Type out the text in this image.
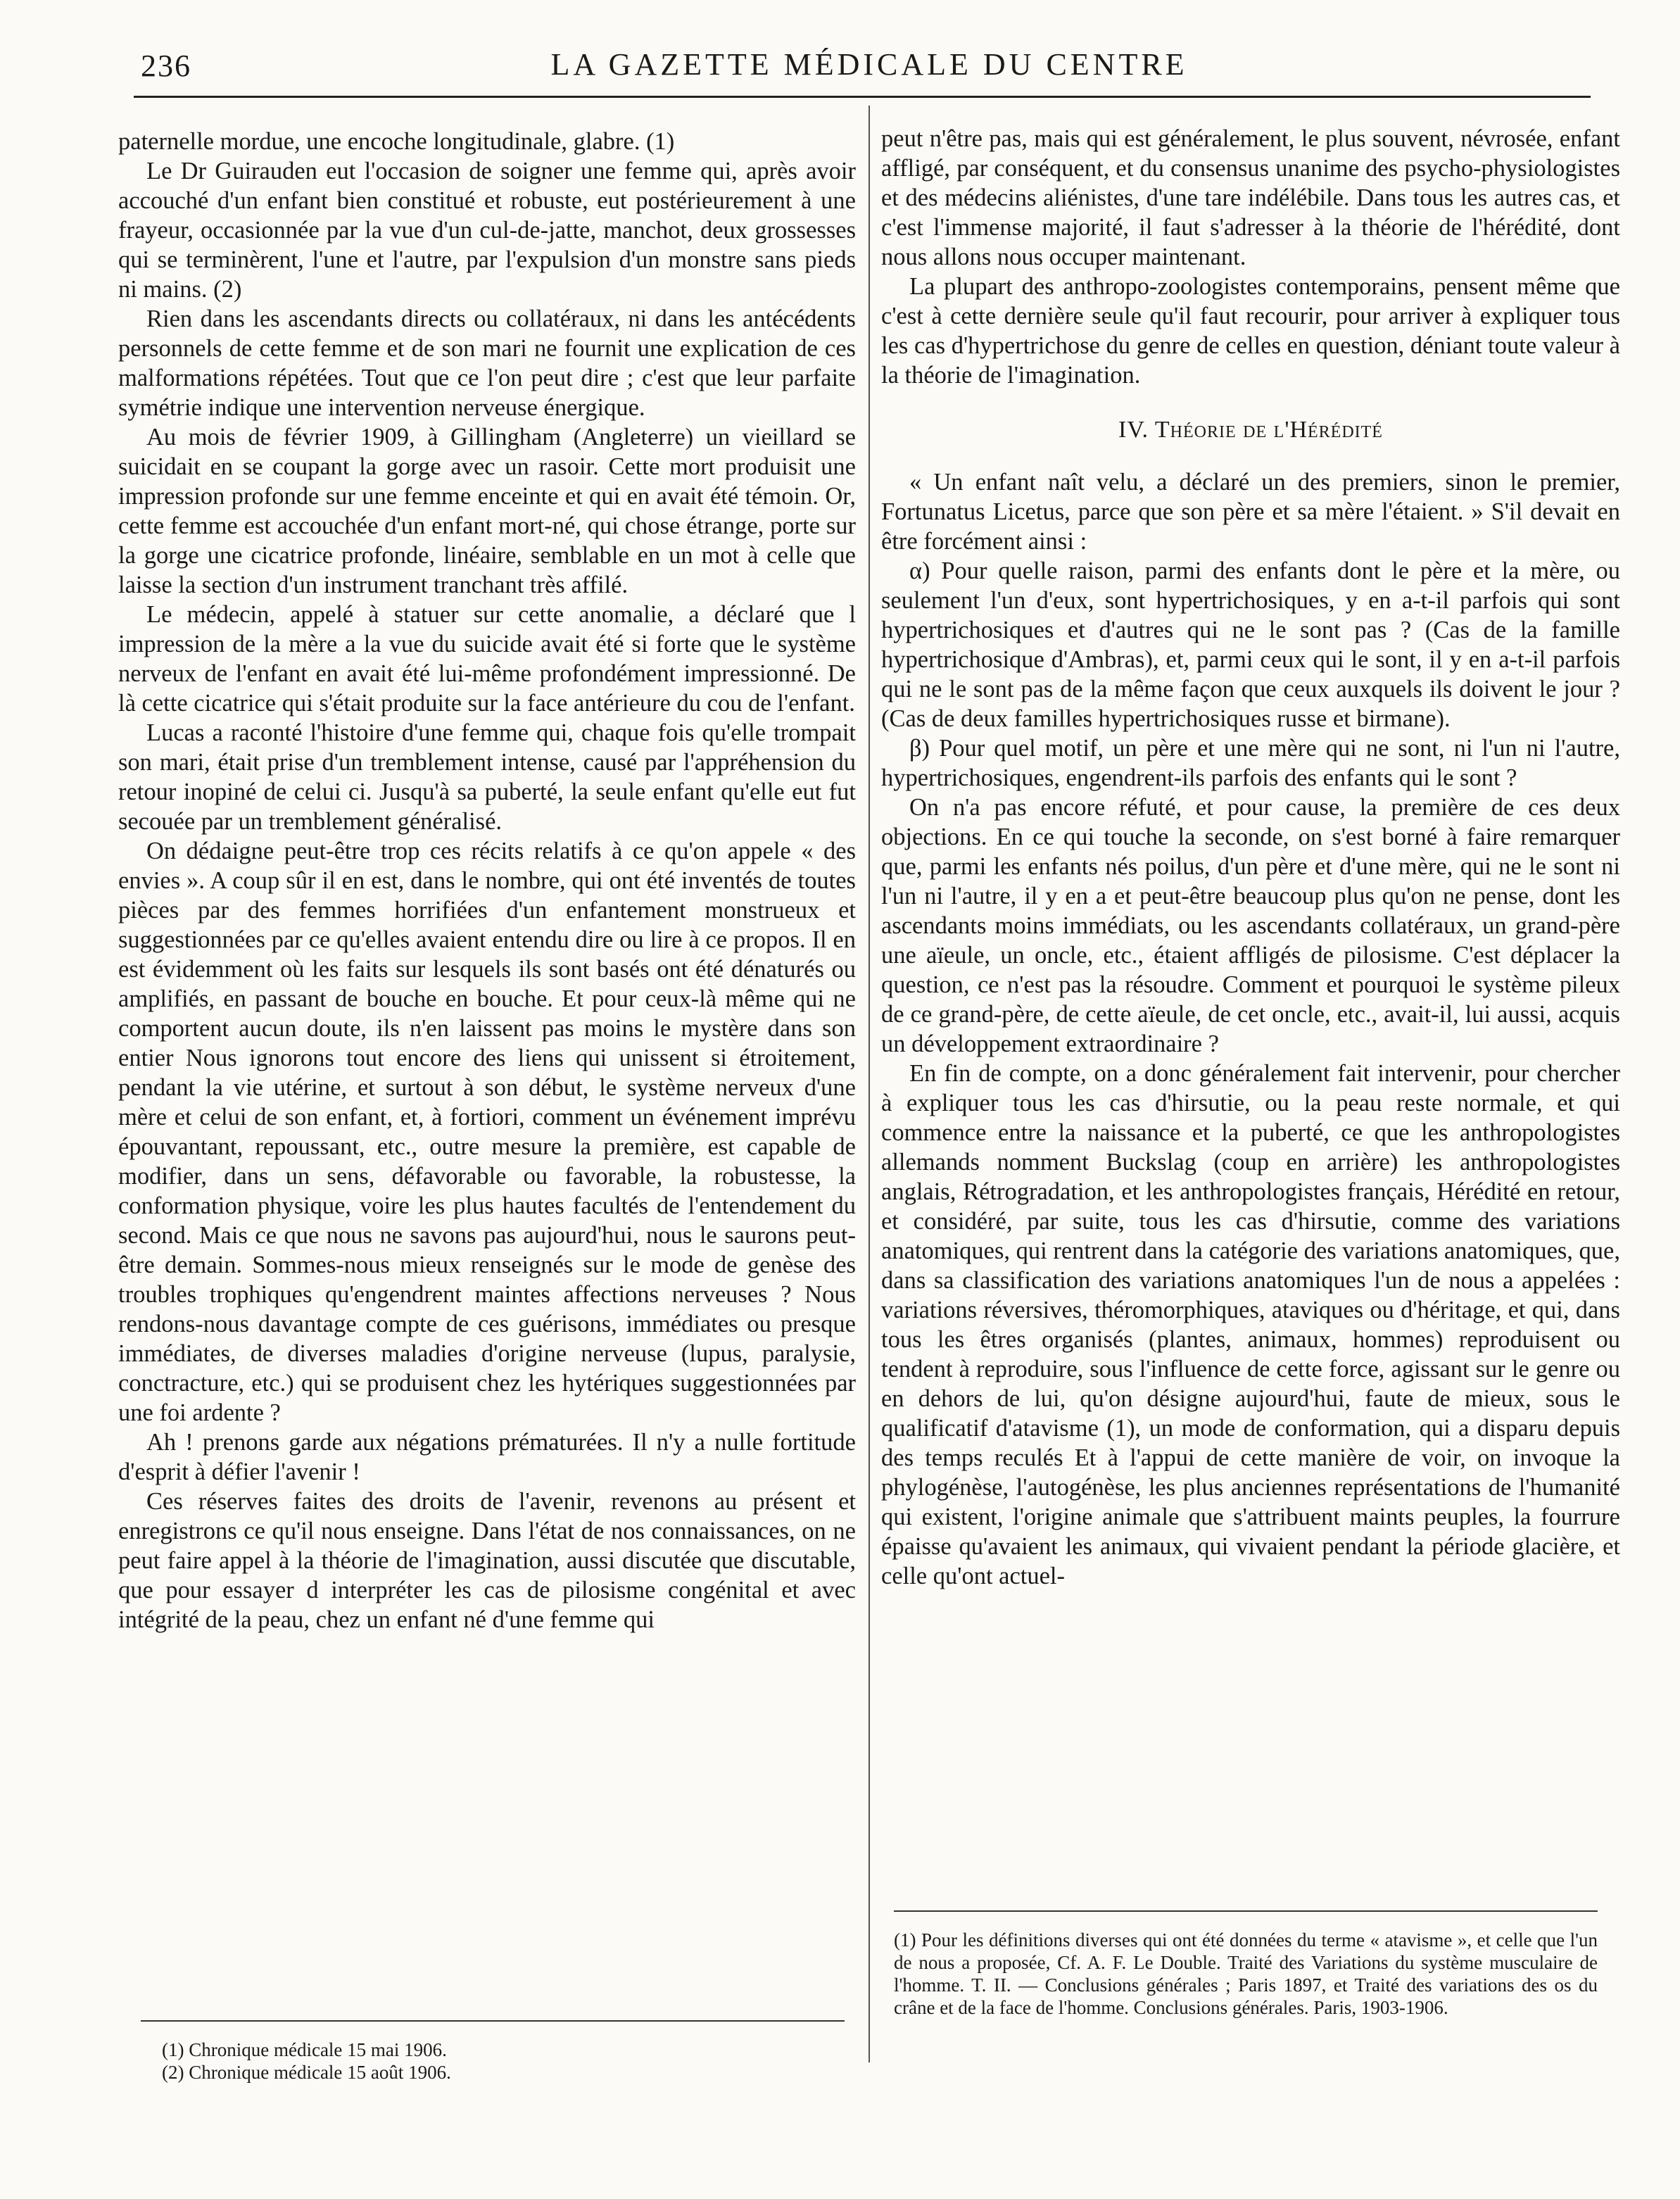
236	LA GAZETTE MÉDICALE DU CENTRE

paternelle mordue, une encoche longitudinale, glabre. (1)

Le Dr Guirauden eut l'occasion de soigner une femme qui, après avoir accouché d'un enfant bien constitué et robuste, eut postérieurement à une frayeur, occasionnée par la vue d'un cul-de-jatte, manchot, deux grossesses qui se terminèrent, l'une et l'autre, par l'expulsion d'un monstre sans pieds ni mains. (2)

Rien dans les ascendants directs ou collatéraux, ni dans les antécédents personnels de cette femme et de son mari ne fournit une explication de ces malformations répétées. Tout que ce l'on peut dire ; c'est que leur parfaite symétrie indique une intervention nerveuse énergique.

Au mois de février 1909, à Gillingham (Angleterre) un vieillard se suicidait en se coupant la gorge avec un rasoir. Cette mort produisit une impression profonde sur une femme enceinte et qui en avait été témoin. Or, cette femme est accouchée d'un enfant mort-né, qui chose étrange, porte sur la gorge une cicatrice profonde, linéaire, semblable en un mot à celle que laisse la section d'un instrument tranchant très affilé.

Le médecin, appelé à statuer sur cette anomalie, a déclaré que l impression de la mère a la vue du suicide avait été si forte que le système nerveux de l'enfant en avait été lui-même profondément impressionné. De là cette cicatrice qui s'était produite sur la face antérieure du cou de l'enfant.

Lucas a raconté l'histoire d'une femme qui, chaque fois qu'elle trompait son mari, était prise d'un tremblement intense, causé par l'appréhension du retour inopiné de celui ci. Jusqu'à sa puberté, la seule enfant qu'elle eut fut secouée par un tremblement généralisé.

On dédaigne peut-être trop ces récits relatifs à ce qu'on appele « des envies ». A coup sûr il en est, dans le nombre, qui ont été inventés de toutes pièces par des femmes horrifiées d'un enfantement monstrueux et suggestionnées par ce qu'elles avaient entendu dire ou lire à ce propos. Il en est évidemment où les faits sur lesquels ils sont basés ont été dénaturés ou amplifiés, en passant de bouche en bouche. Et pour ceux-là même qui ne comportent aucun doute, ils n'en laissent pas moins le mystère dans son entier Nous ignorons tout encore des liens qui unissent si étroitement, pendant la vie utérine, et surtout à son début, le système nerveux d'une mère et celui de son enfant, et, à fortiori, comment un événement imprévu épouvantant, repoussant, etc., outre mesure la première, est capable de modifier, dans un sens, défavorable ou favorable, la robustesse, la conformation physique, voire les plus hautes facultés de l'entendement du second. Mais ce que nous ne savons pas aujourd'hui, nous le saurons peut-être demain. Sommes-nous mieux renseignés sur le mode de genèse des troubles trophiques qu'engendrent maintes affections nerveuses ? Nous rendons-nous davantage compte de ces guérisons, immédiates ou presque immédiates, de diverses maladies d'origine nerveuse (lupus, paralysie, conctracture, etc.) qui se produisent chez les hytériques suggestionnées par une foi ardente ?

Ah ! prenons garde aux négations prématurées. Il n'y a nulle fortitude d'esprit à défier l'avenir !

Ces réserves faites des droits de l'avenir, revenons au présent et enregistrons ce qu'il nous enseigne. Dans l'état de nos connaissances, on ne peut faire appel à la théorie de l'imagination, aussi discutée que discutable, que pour essayer d interpréter les cas de pilosisme congénital et avec intégrité de la peau, chez un enfant né d'une femme qui

(1) Chronique médicale 15 mai 1906.

(2) Chronique médicale 15 août 1906.

peut n'être pas, mais qui est généralement, le plus souvent, névrosée, enfant affligé, par conséquent, et du consensus unanime des psycho-physiologistes et des médecins aliénistes, d'une tare indélébile. Dans tous les autres cas, et c'est l'immense majorité, il faut s'adresser à la théorie de l'hérédité, dont nous allons nous occuper maintenant.

La plupart des anthropo-zoologistes contemporains, pensent même que c'est à cette dernière seule qu'il faut recourir, pour arriver à expliquer tous les cas d'hypertrichose du genre de celles en question, déniant toute valeur à la théorie de l'imagination.

IV. Théorie de l'Hérédité

« Un enfant naît velu, a déclaré un des premiers, sinon le premier, Fortunatus Licetus, parce que son père et sa mère l'étaient. » S'il devait en être forcément ainsi :

α) Pour quelle raison, parmi des enfants dont le père et la mère, ou seulement l'un d'eux, sont hypertrichosiques, y en a-t-il parfois qui sont hypertrichosiques et d'autres qui ne le sont pas ? (Cas de la famille hypertrichosique d'Ambras), et, parmi ceux qui le sont, il y en a-t-il parfois qui ne le sont pas de la même façon que ceux auxquels ils doivent le jour ? (Cas de deux familles hypertrichosiques russe et birmane).

β) Pour quel motif, un père et une mère qui ne sont, ni l'un ni l'autre, hypertrichosiques, engendrent-ils parfois des enfants qui le sont ?

On n'a pas encore réfuté, et pour cause, la première de ces deux objections. En ce qui touche la seconde, on s'est borné à faire remarquer que, parmi les enfants nés poilus, d'un père et d'une mère, qui ne le sont ni l'un ni l'autre, il y en a et peut-être beaucoup plus qu'on ne pense, dont les ascendants moins immédiats, ou les ascendants collatéraux, un grand-père une aïeule, un oncle, etc., étaient affligés de pilosisme. C'est déplacer la question, ce n'est pas la résoudre. Comment et pourquoi le système pileux de ce grand-père, de cette aïeule, de cet oncle, etc., avait-il, lui aussi, acquis un développement extraordinaire ?

En fin de compte, on a donc généralement fait intervenir, pour chercher à expliquer tous les cas d'hirsutie, ou la peau reste normale, et qui commence entre la naissance et la puberté, ce que les anthropologistes allemands nomment Buckslag (coup en arrière) les anthropologistes anglais, Rétrogradation, et les anthropologistes français, Hérédité en retour, et considéré, par suite, tous les cas d'hirsutie, comme des variations anatomiques, qui rentrent dans la catégorie des variations anatomiques, que, dans sa classification des variations anatomiques l'un de nous a appelées : variations réversives, théromorphiques, ataviques ou d'héritage, et qui, dans tous les êtres organisés (plantes, animaux, hommes) reproduisent ou tendent à reproduire, sous l'influence de cette force, agissant sur le genre ou en dehors de lui, qu'on désigne aujourd'hui, faute de mieux, sous le qualificatif d'atavisme (1), un mode de conformation, qui a disparu depuis des temps reculés Et à l'appui de cette manière de voir, on invoque la phylogénèse, l'autogénèse, les plus anciennes représentations de l'humanité qui existent, l'origine animale que s'attribuent maints peuples, la fourrure épaisse qu'avaient les animaux, qui vivaient pendant la période glacière, et celle qu'ont actuel-

(1) Pour les définitions diverses qui ont été données du terme « atavisme », et celle que l'un de nous a proposée, Cf. A. F. Le Double. Traité des Variations du système musculaire de l'homme. T. II. — Conclusions générales ; Paris 1897, et Traité des variations des os du crâne et de la face de l'homme. Conclusions générales. Paris, 1903-1906.
